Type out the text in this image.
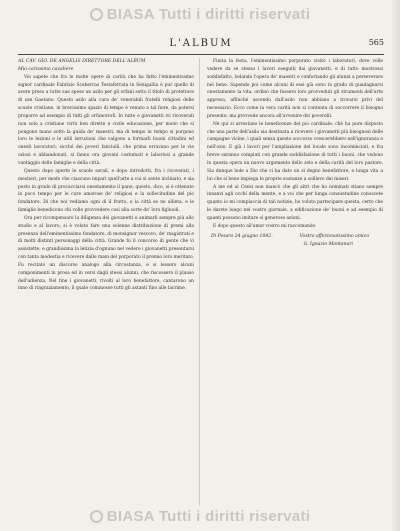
BIASA Tutti i diritti riservati
L'ALBUM	565
AL CAV. GIO. DE ANGELIS DIRETTORE DELL'ALBUM
Mio carissimo cavaliere

Voi sapete che fra le molte opere di carità che ha fatto l'eminentissimo signor cardinale Fabrizio Sceberras Testaferrata in Senigallia è pur quello di avere preso a tutte sue spese un asilo per gli orfani sotto il titolo di protettore di san Gaetano. Questo asilo alla cura de' venerabili fratelli religiosi delle scuole cristiane, in brevissimo spazio di tempo è venuto a tal fiore, da potersi proporre ad esempio di tutti gli orfanotrofi. In tutte e giovanetti ivi ricoverati non solo a cristiane virtù ben dirette e civile educazione, per modo che si pongono mano sotto la guida de' maestri, ma di tempo in tempo si porgono loro le lezioni e le utili istruzioni che valgono a formarli buoni cittadini ed onesti lavoratori; sicché dei poveri fanciulli, che prima erravano per le vie oziosi e abbandonati, si fanno ora giovani costumati e laboriosi a grande vantaggio delle famiglie e della città.

Questo dopo aperte le scuole serali, e dopo introdotti, fra i ricoverati, i mestieri, per modo che ciascuno impari quell'arte a cui si sente inclinato, e sia posto in grado di procacciarsi onestamente il pane; questo, dico, si è ottenuto in poco tempo per le cure amorose de' religiosi e la sollecitudine del pio fondatore. Di che noi vediamo ogni dì il frutto, e la città se ne allieta, e le famiglie benedicono chi volle provvedere così alla sorte de' loro figliuoli.

Ora per ricompensare la diligenza dei giovanetti e animarli sempre più allo studio e al lavoro, si è voluto fare una solenne distribuzione di premi alla presenza dell'eminentissimo fondatore, di monsignor vescovo, de' magistrati e di molti distinti personaggi della città. Grande fu il concorso di gente che vi assistette, e grandissima la letizia d'ognuno nel vedere i giovanetti presentarsi con tanta modestia e ricevere dalle mani del porporato il premio loro meritato. Fu recitato un discorso analogo alla circostanza, e si lessero alcuni componimenti in prosa ed in versi dagli stessi alunni, che riscossero il plauso dell'udienza. Nel fine i giovanetti, rivolti al loro benefattore, cantarono un inno di ringraziamento, il quale commosse tutti gli astanti fino alle lacrime.

Finita la festa, l'eminentissimo porporato visitò i laboratori, dove volle vedere da se stesso i lavori eseguiti dai giovanetti, e di tutto mostrossi soddisfatto, lodando l'opera de' maestri e confortando gli alunni a perseverare nel bene. Sapendo poi come alcuni di essi già sono in grado di guadagnarsi onestamente la vita, ordinò che fossero loro provveduti gli strumenti dell'arte appresa, affinché uscendo dall'asilo non abbiano a trovarsi privi del necessario. Ecco come la vera carità non si contenta di soccorrere il bisogno presente, ma provvede ancora all'avvenire dei poverelli.

Nè qui si arrestano le beneficenze del pio cardinale; chè ha pure disposto che una parte dell'asilo sia destinata a ricevere i giovanetti più bisognosi delle campagne vicine, i quali senza questo soccorso crescerebbero nell'ignoranza e nell'ozio. E già i lavori per l'ampliazione del locale sono incominciati, e fra breve saranno compiuti con grande soddisfazione di tutti i buoni, che vedono in questa opera un nuovo argomento dello zelo e della carità del loro pastore. Sia dunque lode a Dio che ci ha dato un sì degno benefattore, e lunga vita a lui che sì bene impiega le proprie sostanze a sollievo dei miseri.

A me ed ai Censi non mancò che gli altri che ho nominati stiano sempre innanzi agli occhi della mente, e a voi che per lunga consuetudine conoscete quanto io mi compiaccia di tali notizie, ho voluto partecipare questa, certo che le darete luogo nel vostro giornale, a edificazione de' buoni e ad esempio di quanti possono imitare sì generose azioni.

E dopo questo all'amor vostro mi raccomando

Di Pesaro 24 giugno 1842.	Vostro affezionatissimo amico
G. Ignazio Montanari
BIASA Tutti i diritti riservati
